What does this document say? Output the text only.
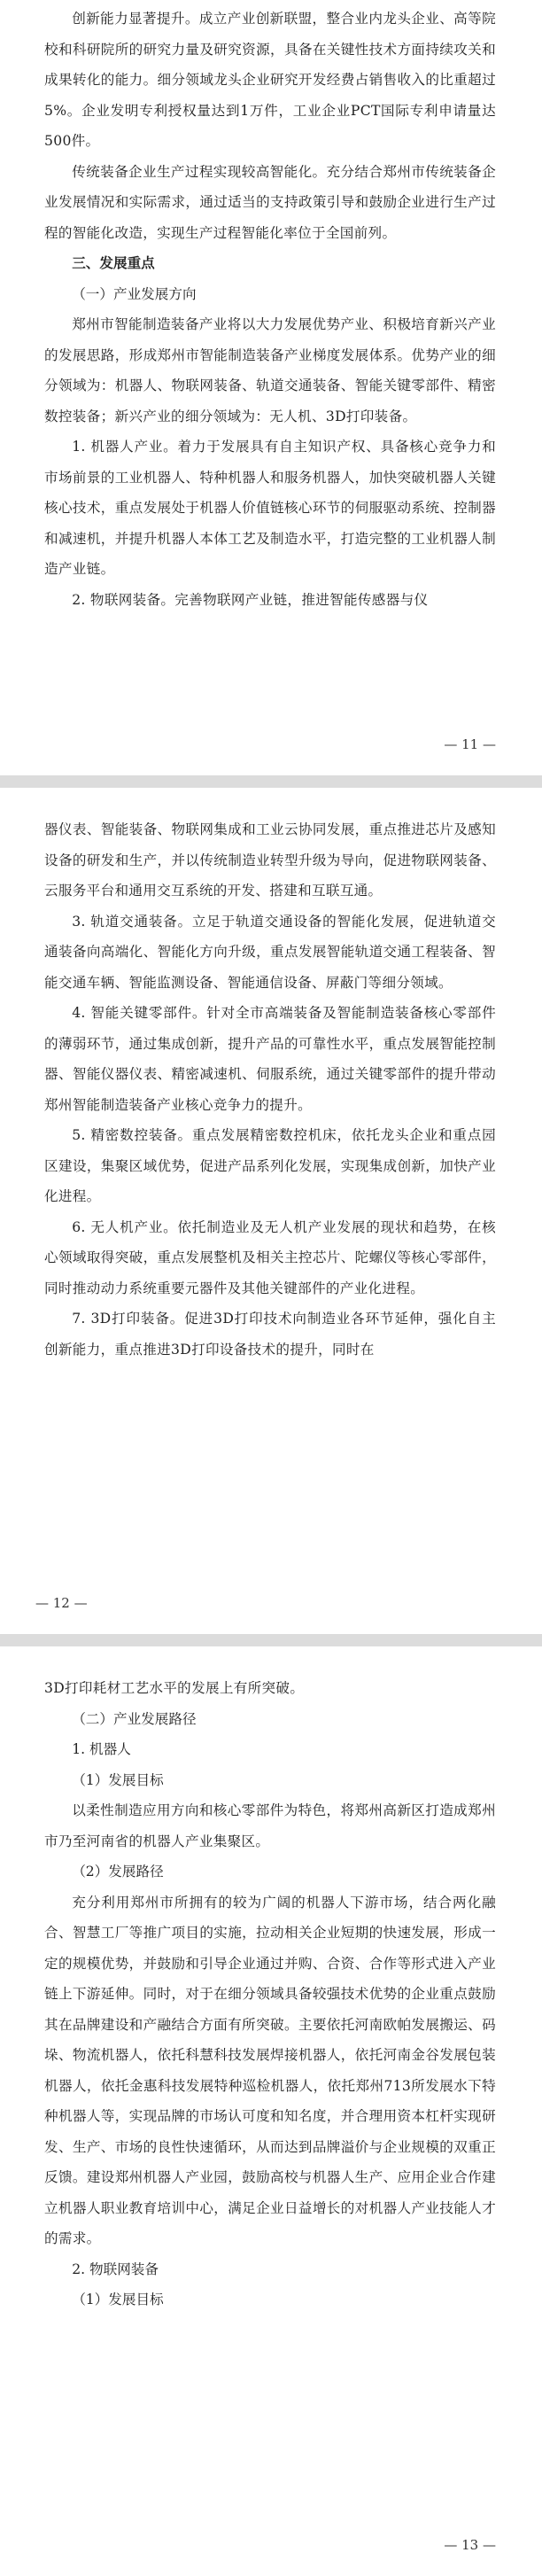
创新能力显著提升。成立产业创新联盟，整合业内龙头企业、高等院校和科研院所的研究力量及研究资源，具备在关键性技术方面持续攻关和成果转化的能力。细分领域龙头企业研究开发经费占销售收入的比重超过5%。企业发明专利授权量达到1万件，工业企业PCT国际专利申请量达500件。

传统装备企业生产过程实现较高智能化。充分结合郑州市传统装备企业发展情况和实际需求，通过适当的支持政策引导和鼓励企业进行生产过程的智能化改造，实现生产过程智能化率位于全国前列。

三、发展重点

（一）产业发展方向

郑州市智能制造装备产业将以大力发展优势产业、积极培育新兴产业的发展思路，形成郑州市智能制造装备产业梯度发展体系。优势产业的细分领域为：机器人、物联网装备、轨道交通装备、智能关键零部件、精密数控装备；新兴产业的细分领域为：无人机、3D打印装备。

1. 机器人产业。着力于发展具有自主知识产权、具备核心竞争力和市场前景的工业机器人、特种机器人和服务机器人，加快突破机器人关键核心技术，重点发展处于机器人价值链核心环节的伺服驱动系统、控制器和减速机，并提升机器人本体工艺及制造水平，打造完整的工业机器人制造产业链。

2. 物联网装备。完善物联网产业链，推进智能传感器与仪

— 11 —

器仪表、智能装备、物联网集成和工业云协同发展，重点推进芯片及感知设备的研发和生产，并以传统制造业转型升级为导向，促进物联网装备、云服务平台和通用交互系统的开发、搭建和互联互通。

3. 轨道交通装备。立足于轨道交通设备的智能化发展，促进轨道交通装备向高端化、智能化方向升级，重点发展智能轨道交通工程装备、智能交通车辆、智能监测设备、智能通信设备、屏蔽门等细分领域。

4. 智能关键零部件。针对全市高端装备及智能制造装备核心零部件的薄弱环节，通过集成创新，提升产品的可靠性水平，重点发展智能控制器、智能仪器仪表、精密减速机、伺服系统，通过关键零部件的提升带动郑州智能制造装备产业核心竞争力的提升。

5. 精密数控装备。重点发展精密数控机床，依托龙头企业和重点园区建设，集聚区域优势，促进产品系列化发展，实现集成创新，加快产业化进程。

6. 无人机产业。依托制造业及无人机产业发展的现状和趋势，在核心领域取得突破，重点发展整机及相关主控芯片、陀螺仪等核心零部件，同时推动动力系统重要元器件及其他关键部件的产业化进程。

7. 3D打印装备。促进3D打印技术向制造业各环节延伸，强化自主创新能力，重点推进3D打印设备技术的提升，同时在

— 12 —

3D打印耗材工艺水平的发展上有所突破。

（二）产业发展路径

1. 机器人

（1）发展目标

以柔性制造应用方向和核心零部件为特色，将郑州高新区打造成郑州市乃至河南省的机器人产业集聚区。

（2）发展路径

充分利用郑州市所拥有的较为广阔的机器人下游市场，结合两化融合、智慧工厂等推广项目的实施，拉动相关企业短期的快速发展，形成一定的规模优势，并鼓励和引导企业通过并购、合资、合作等形式进入产业链上下游延伸。同时，对于在细分领域具备较强技术优势的企业重点鼓励其在品牌建设和产融结合方面有所突破。主要依托河南欧帕发展搬运、码垛、物流机器人，依托科慧科技发展焊接机器人，依托河南金谷发展包装机器人，依托金惠科技发展特种巡检机器人，依托郑州713所发展水下特种机器人等，实现品牌的市场认可度和知名度，并合理用资本杠杆实现研发、生产、市场的良性快速循环，从而达到品牌溢价与企业规模的双重正反馈。建设郑州机器人产业园，鼓励高校与机器人生产、应用企业合作建立机器人职业教育培训中心，满足企业日益增长的对机器人产业技能人才的需求。

2. 物联网装备

（1）发展目标

— 13 —
